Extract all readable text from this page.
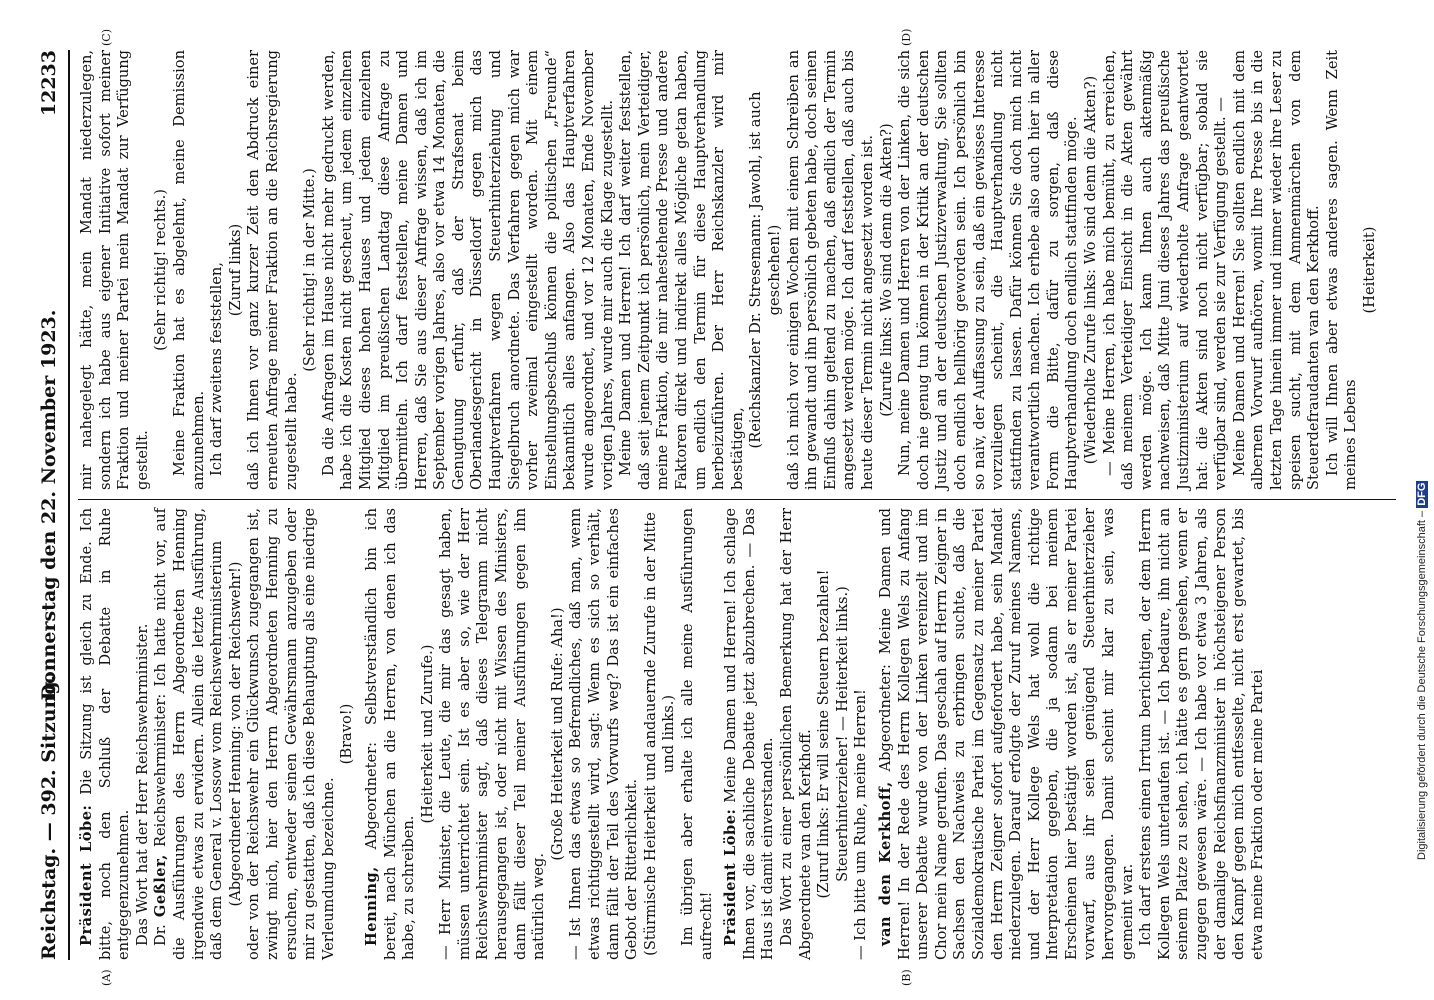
Reichstag. — 392. Sitzung.
Donnerstag den 22. November 1923.
12233
(A)	(B)
(C)	(D)

Präsident Löbe: Die Sitzung ist gleich zu Ende. Ich bitte, noch den Schluß der Debatte in Ruhe entgegenzunehmen. Das Wort hat der Herr Reichswehrminister. Dr. Geßler, Reichswehrminister: Ich hatte nicht vor, auf die Ausführungen des Herrn Abgeordneten Henning irgendwie etwas zu erwidern. Allein die letzte Ausführung, daß dem General v. Lossow vom Reichswehrministerium (Abgeordneter Henning: von der Reichswehr!) oder von der Reichswehr ein Glückwunsch zugegangen ist, zwingt mich, hier den Herrn Abgeordneten Henning zu ersuchen, entweder seinen Gewährsmann anzugeben oder mir zu gestatten, daß ich diese Behauptung als eine niedrige Verleumdung bezeichne.

(Bravo!)

Henning, Abgeordneter: Selbstverständlich bin ich bereit, nach München an die Herren, von denen ich das habe, zu schreiben.

(Heiterkeit und Zurufe.) — Herr Minister, die Leute, die mir das gesagt haben, müssen unterrichtet sein. Ist es aber so, wie der Herr Reichswehrminister sagt, daß dieses Telegramm nicht herausgegangen ist, oder nicht mit Wissen des Ministers, dann fällt dieser Teil meiner Ausführungen gegen ihn natürlich weg.

(Große Heiterkeit und Rufe: Aha!) — Ist Ihnen das etwas so Befremdliches, daß man, wenn etwas richtiggestellt wird, sagt: Wenn es sich so verhält, dann fällt der Teil des Vorwurfs weg? Das ist ein einfaches Gebot der Ritterlichkeit. (Stürmische Heiterkeit und andauernde Zurufe in der Mitte und links.) Im übrigen aber erhalte ich alle meine Ausführungen aufrecht! Präsident Löbe: Meine Damen und Herren! Ich schlage Ihnen vor, die sachliche Debatte jetzt abzubrechen. — Das Haus ist damit einverstanden. Das Wort zu einer persönlichen Bemerkung hat der Herr Abgeordnete van den Kerkhoff. (Zuruf links: Er will seine Steuern bezahlen! Steuerhinterzieher! — Heiterkeit links.) — Ich bitte um Ruhe, meine Herren! van den Kerkhoff, Abgeordneter: Meine Damen und Herren! In der Rede des Herrn Kollegen Wels zu Anfang unserer Debatte wurde von der Linken vereinzelt und im Chor mein Name gerufen. Das geschah auf Herrn Zeigner in Sachsen den Nachweis zu erbringen suchte, daß die Sozialdemokratische Partei im Gegensatz zu meiner Partei den Herrn Zeigner sofort aufgefordert habe, sein Mandat niederzulegen. Darauf erfolgte der Zuruf meines Namens, und der Herr Kollege Wels hat wohl die richtige Interpretation gegeben, die ja sodann bei meinem Erscheinen hier bestätigt worden ist, als er meiner Partei vorwarf, aus ihr seien genügend Steuerhinterzieher hervorgegangen. Damit scheint mir klar zu sein, was gemeint war. Ich darf erstens einen Irrtum berichtigen, der dem Herrn Kollegen Wels unterlaufen ist. — Ich bedaure, ihn nicht an seinem Platze zu sehen, ich hätte es gern gesehen, wenn er zugegen gewesen wäre. — Ich habe vor etwa 3 Jahren, als der damalige Reichsfinanzminister in höchsteigener Person den Kampf gegen mich entfesselte, nicht erst gewartet, bis etwa meine Fraktion oder meine Partei

mir nahegelegt hätte, mein Mandat niederzulegen, sondern ich habe aus eigener Initiative sofort meiner Fraktion und meiner Partei mein Mandat zur Verfügung gestellt.

(Sehr richtig! rechts.) Meine Fraktion hat es abgelehnt, meine Demission anzunehmen. Ich darf zweitens feststellen, (Zuruf links) daß ich Ihnen vor ganz kurzer Zeit den Abdruck einer erneuten Anfrage meiner Fraktion an die Reichsregierung zugestellt habe.

(Sehr richtig! in der Mitte.) Da die Anfragen im Hause nicht mehr gedruckt werden, habe ich die Kosten nicht gescheut, um jedem einzelnen Mitglied dieses hohen Hauses und jedem einzelnen Mitglied im preußischen Landtag diese Anfrage zu übermitteln. Ich darf feststellen, meine Damen und Herren, daß Sie aus dieser Anfrage wissen, daß ich im September vorigen Jahres, also vor etwa 14 Monaten, die Genugtuung erfuhr, daß der Strafsenat beim Oberlandesgericht in Düsseldorf gegen mich das Hauptverfahren wegen Steuerhinterziehung und Siegelbruch anordnete. Das Verfahren gegen mich war vorher zweimal eingestellt worden. Mit einem Einstellungsbeschluß können die politischen „Freunde“ bekanntlich alles anfangen. Also das Hauptverfahren wurde angeordnet, und vor 12 Monaten, Ende November vorigen Jahres, wurde mir auch die Klage zugestellt. Meine Damen und Herren! Ich darf weiter feststellen, daß seit jenem Zeitpunkt ich persönlich, mein Verteidiger, meine Fraktion, die mir nahestehende Presse und andere Faktoren direkt und indirekt alles Mögliche getan haben, um endlich den Termin für diese Hauptverhandlung herbeizuführen. Der Herr Reichskanzler wird mir bestätigen,

(Reichskanzler Dr. Stresemann: Jawohl, ist auch geschehen!) daß ich mich vor einigen Wochen mit einem Schreiben an ihn gewandt und ihn persönlich gebeten habe, doch seinen Einfluß dahin geltend zu machen, daß endlich der Termin angesetzt werden möge. Ich darf feststellen, daß auch bis heute dieser Termin nicht angesetzt worden ist. (Zurufe links: Wo sind denn die Akten?) Nun, meine Damen und Herren von der Linken, die sich doch nie genug tun können in der Kritik an der deutschen Justiz und an der deutschen Justizverwaltung, Sie sollten doch endlich hellhörig geworden sein. Ich persönlich bin so naiv, der Auffassung zu sein, daß ein gewisses Interesse vorzuliegen scheint, die Hauptverhandlung nicht stattfinden zu lassen. Dafür können Sie doch mich nicht verantwortlich machen. Ich erhebe also auch hier in aller Form die Bitte, dafür zu sorgen, daß diese Hauptverhandlung doch endlich stattfinden möge. (Wiederholte Zurufe links: Wo sind denn die Akten?) — Meine Herren, ich habe mich bemüht, zu erreichen, daß meinem Verteidiger Einsicht in die Akten gewährt werden möge. Ich kann Ihnen auch aktenmäßig nachweisen, daß Mitte Juni dieses Jahres das preußische Justizministerium auf wiederholte Anfrage geantwortet hat: die Akten sind noch nicht verfügbar; sobald sie verfügbar sind, werden sie zur Verfügung gestellt. — Meine Damen und Herren! Sie sollten endlich mit dem albernen Vorwurf aufhören, womit Ihre Presse bis in die letzten Tage hinein immer und immer wieder ihre Leser zu speisen sucht, mit dem Ammenmärchen von dem Steuerdefraudanten van den Kerkhoff. Ich will Ihnen aber etwas anderes sagen. Wenn Zeit meines Lebens

(Heiterkeit)

Digitalisierung gefördert durch die Deutsche Forschungsgemeinschaft – DFG
